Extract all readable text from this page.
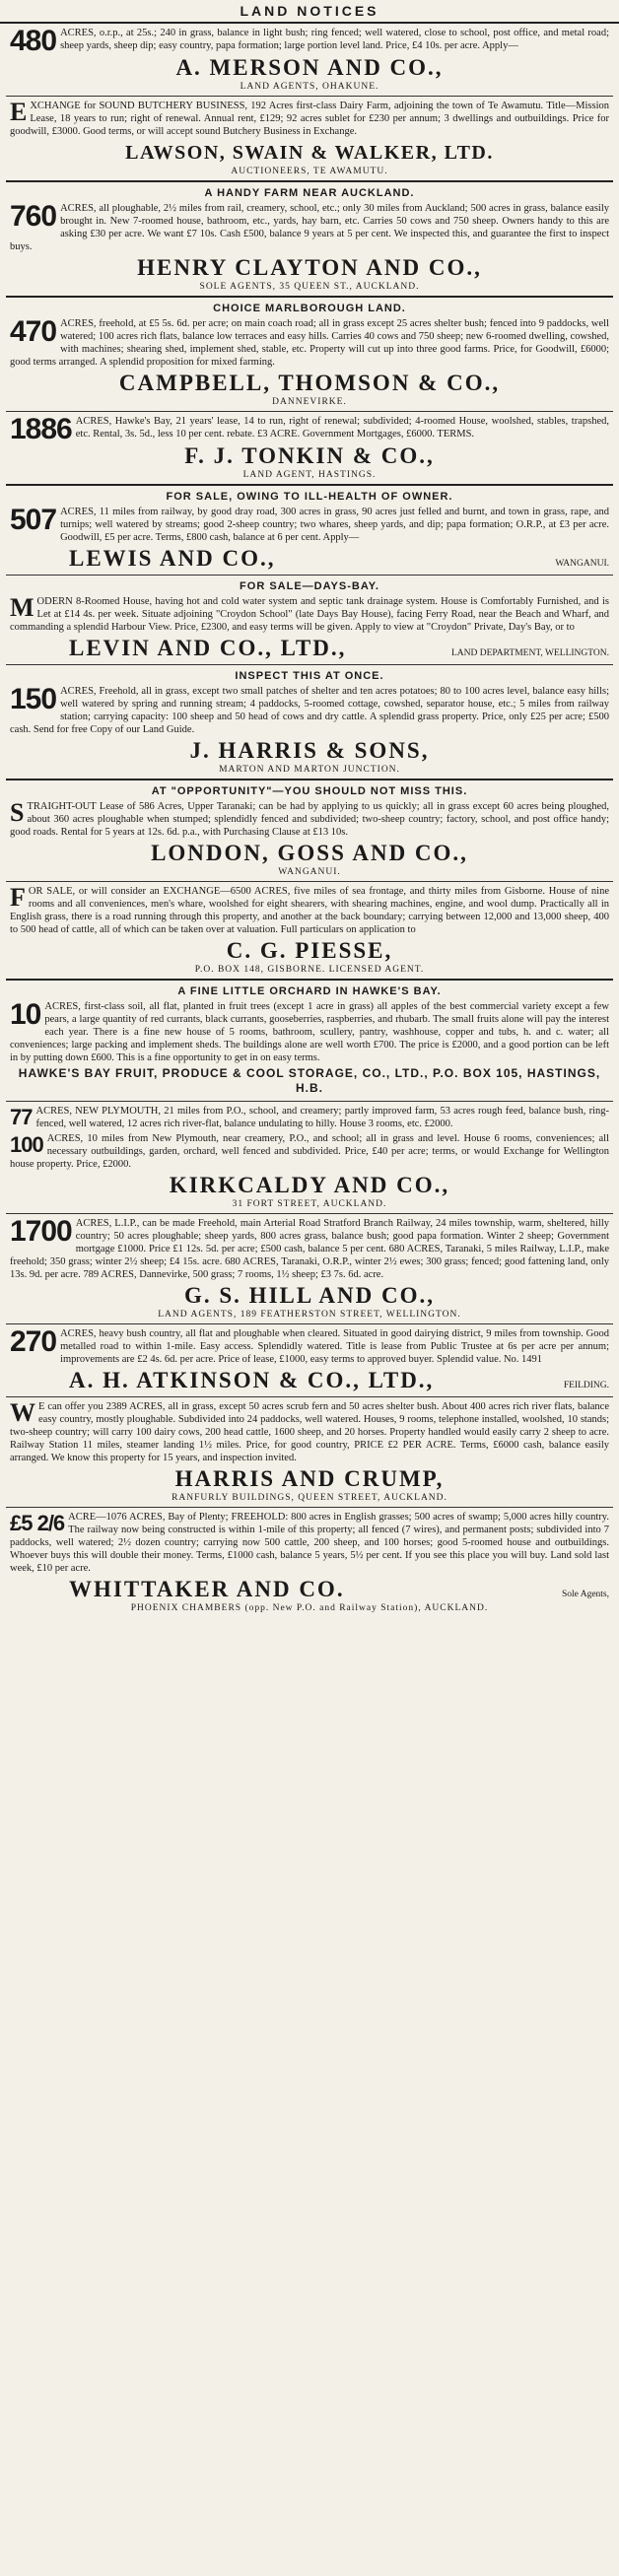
LAND NOTICES
480 ACRES, o.r.p., at 25s.; 240 in grass, balance in light bush; ring fenced; well watered, close to school, post office, and metal road; sheep yards, sheep dip; easy country, papa formation; large portion level land. Price, £4 10s. per acre. Apply—
A. MERSON AND CO.,
LAND AGENTS, OHAKUNE.
E XCHANGE for SOUND BUTCHERY BUSINESS, 192 Acres first-class Dairy Farm, adjoining the town of Te Awamutu. Title—Mission Lease, 18 years to run; right of renewal. Annual rent, £129; 92 acres sublet for £230 per annum; 3 dwellings and outbuildings. Price for goodwill, £3000. Good terms, or will accept sound Butchery Business in Exchange.
LAWSON, SWAIN & WALKER, LTD.
AUCTIONEERS, TE AWAMUTU.
A HANDY FARM NEAR AUCKLAND.
760 ACRES, all ploughable, 2½ miles from rail, creamery, school, etc.; only 30 miles from Auckland; 500 acres in grass, balance easily brought in. New 7-roomed house, bathroom, etc., yards, hay barn, etc. Carries 50 cows and 750 sheep. Owners handy to this are asking £30 per acre. We want £7 10s. Cash £500, balance 9 years at 5 per cent. We inspected this, and guarantee the first to inspect buys.
HENRY CLAYTON AND CO.,
SOLE AGENTS, 35 QUEEN ST., AUCKLAND.
CHOICE MARLBOROUGH LAND.
470 ACRES, freehold, at £5 5s. 6d. per acre; on main coach road; all in grass except 25 acres shelter bush; fenced into 9 paddocks, well watered; 100 acres rich flats, balance low terraces and easy hills. Carries 40 cows and 750 sheep; new 6-roomed dwelling, cowshed, with machines; shearing shed, implement shed, stable, etc. Property will cut up into three good farms. Price, for Goodwill, £6000; good terms arranged. A splendid proposition for mixed farming.
CAMPBELL, THOMSON & CO.,
DANNEVIRKE.
1886 ACRES, Hawke's Bay, 21 years' lease, 14 to run, right of renewal; subdivided; 4-roomed House, woolshed, stables, trapshed, etc. Rental, 3s. 5d., less 10 per cent. rebate. £3 ACRE. Government Mortgages, £6000. TERMS.
F. J. TONKIN & CO.,
LAND AGENT, HASTINGS.
FOR SALE, OWING TO ILL-HEALTH OF OWNER.
507 ACRES, 11 miles from railway, by good dray road, 300 acres in grass, 90 acres just felled and burnt, and town in grass, rape, and turnips; well watered by streams; good 2-sheep country; two whares, sheep yards, and dip; papa formation; O.R.P., at £3 per acre. Goodwill, £5 per acre. Terms, £800 cash, balance at 6 per cent. Apply—
LEWIS AND CO.,	WANGANUI.
FOR SALE—DAYS-BAY.
M ODERN 8-Roomed House, having hot and cold water system and septic tank drainage system. House is Comfortably Furnished, and is Let at £14 4s. per week. Situate adjoining "Croydon School" (late Days Bay House), facing Ferry Road, near the Beach and Wharf, and commanding a splendid Harbour View. Price, £2300, and easy terms will be given. Apply to view at "Croydon" Private, Day's Bay, or to
LEVIN AND CO., LTD.,	LAND DEPARTMENT, WELLINGTON.
INSPECT THIS AT ONCE.
150 ACRES, Freehold, all in grass, except two small patches of shelter and ten acres potatoes; 80 to 100 acres level, balance easy hills; well watered by spring and running stream; 4 paddocks, 5-roomed cottage, cowshed, separator house, etc.; 5 miles from railway station; carrying capacity: 100 sheep and 50 head of cows and dry cattle. A splendid grass property. Price, only £25 per acre; £500 cash. Send for free Copy of our Land Guide.
J. HARRIS & SONS,
MARTON AND MARTON JUNCTION.
AT "OPPORTUNITY"—YOU SHOULD NOT MISS THIS.
S TRAIGHT-OUT Lease of 586 Acres, Upper Taranaki; can be had by applying to us quickly; all in grass except 60 acres being ploughed, about 360 acres ploughable when stumped; splendidly fenced and subdivided; two-sheep country; factory, school, and post office handy; good roads. Rental for 5 years at 12s. 6d. p.a., with Purchasing Clause at £13 10s.
LONDON, GOSS AND CO.,
WANGANUI.
F OR SALE, or will consider an EXCHANGE—6500 ACRES, five miles of sea frontage, and thirty miles from Gisborne. House of nine rooms and all conveniences, men's whare, woolshed for eight shearers, with shearing machines, engine, and wool dump. Practically all in English grass, there is a road running through this property, and another at the back boundary; carrying between 12,000 and 13,000 sheep, 400 to 500 head of cattle, all of which can be taken over at valuation. Full particulars on application to
C. G. PIESSE,
P.O. BOX 148, GISBORNE. LICENSED AGENT.
A FINE LITTLE ORCHARD IN HAWKE'S BAY.
10 ACRES, first-class soil, all flat, planted in fruit trees (except 1 acre in grass) all apples of the best commercial variety except a few pears, a large quantity of red currants, black currants, gooseberries, raspberries, and rhubarb. The small fruits alone will pay the interest each year. There is a fine new house of 5 rooms, bathroom, scullery, pantry, washhouse, copper and tubs, h. and c. water; all conveniences; large packing and implement sheds. The buildings alone are well worth £700. The price is £2000, and a good portion can be left in by putting down £600. This is a fine opportunity to get in on easy terms.
HAWKE'S BAY FRUIT, PRODUCE & COOL STORAGE, CO., LTD., P.O. BOX 105, HASTINGS, H.B.
77 ACRES, NEW PLYMOUTH, 21 miles from P.O., school, and creamery; partly improved farm, 53 acres rough feed, balance bush, ring-fenced, well watered, 12 acres rich river-flat, balance undulating to hilly. House 3 rooms, etc. £2000.
100 ACRES, 10 miles from New Plymouth, near creamery, P.O., and school; all in grass and level. House 6 rooms, conveniences; all necessary outbuildings, garden, orchard, well fenced and subdivided. Price, £40 per acre; terms, or would Exchange for Wellington house property. Price, £2000.
KIRKCALDY AND CO.,
31 FORT STREET, AUCKLAND.
1700 ACRES, L.I.P., can be made Freehold, main Arterial Road Stratford Branch Railway, 24 miles township, warm, sheltered, hilly country; 50 acres ploughable; sheep yards, 800 acres grass, balance bush; good papa formation. Winter 2 sheep; Government mortgage £1000. Price £1 12s. 5d. per acre; £500 cash, balance 5 per cent. 680 ACRES, Taranaki, 5 miles Railway, L.I.P., make freehold; 350 grass; winter 2½ sheep; £4 15s. acre. 680 ACRES, Taranaki, O.R.P., winter 2½ ewes; 300 grass; fenced; good fattening land, only 13s. 9d. per acre. 789 ACRES, Dannevirke, 500 grass; 7 rooms, 1½ sheep; £3 7s. 6d. acre.
G. S. HILL AND CO.,
LAND AGENTS, 189 FEATHERSTON STREET, WELLINGTON.
270 ACRES, heavy bush country, all flat and ploughable when cleared. Situated in good dairying district, 9 miles from township. Good metalled road to within 1-mile. Easy access. Splendidly watered. Title is lease from Public Trustee at 6s per acre per annum; improvements are £2 4s. 6d. per acre. Price of lease, £1000, easy terms to approved buyer. Splendid value. No. 1491
A. H. ATKINSON & CO., LTD.,	FEILDING.
W E can offer you 2389 ACRES, all in grass, except 50 acres scrub fern and 50 acres shelter bush. About 400 acres rich river flats, balance easy country, mostly ploughable. Subdivided into 24 paddocks, well watered. Houses, 9 rooms, telephone installed, woolshed, 10 stands; two-sheep country; will carry 100 dairy cows, 200 head cattle, 1600 sheep, and 20 horses. Property handled would easily carry 2 sheep to acre. Railway Station 11 miles, steamer landing 1½ miles. Price, for good country, PRICE £2 PER ACRE. Terms, £6000 cash, balance easily arranged. We know this property for 15 years, and inspection invited.
HARRIS AND CRUMP,
RANFURLY BUILDINGS, QUEEN STREET, AUCKLAND.
£5 2/6 ACRE—1076 ACRES, Bay of Plenty; FREEHOLD: 800 acres in English grasses; 500 acres of swamp; 5,000 acres hilly country. The railway now being constructed is within 1-mile of this property; all fenced (7 wires), and permanent posts; subdivided into 7 paddocks, well watered; 2½ dozen country; carrying now 500 cattle, 200 sheep, and 100 horses; good 5-roomed house and outbuildings. Whoever buys this will double their money. Terms, £1000 cash, balance 5 years, 5½ per cent. If you see this place you will buy. Land sold last week, £10 per acre.
WHITTAKER AND CO.	Sole Agents,
PHOENIX CHAMBERS (opp. New P.O. and Railway Station), AUCKLAND.
